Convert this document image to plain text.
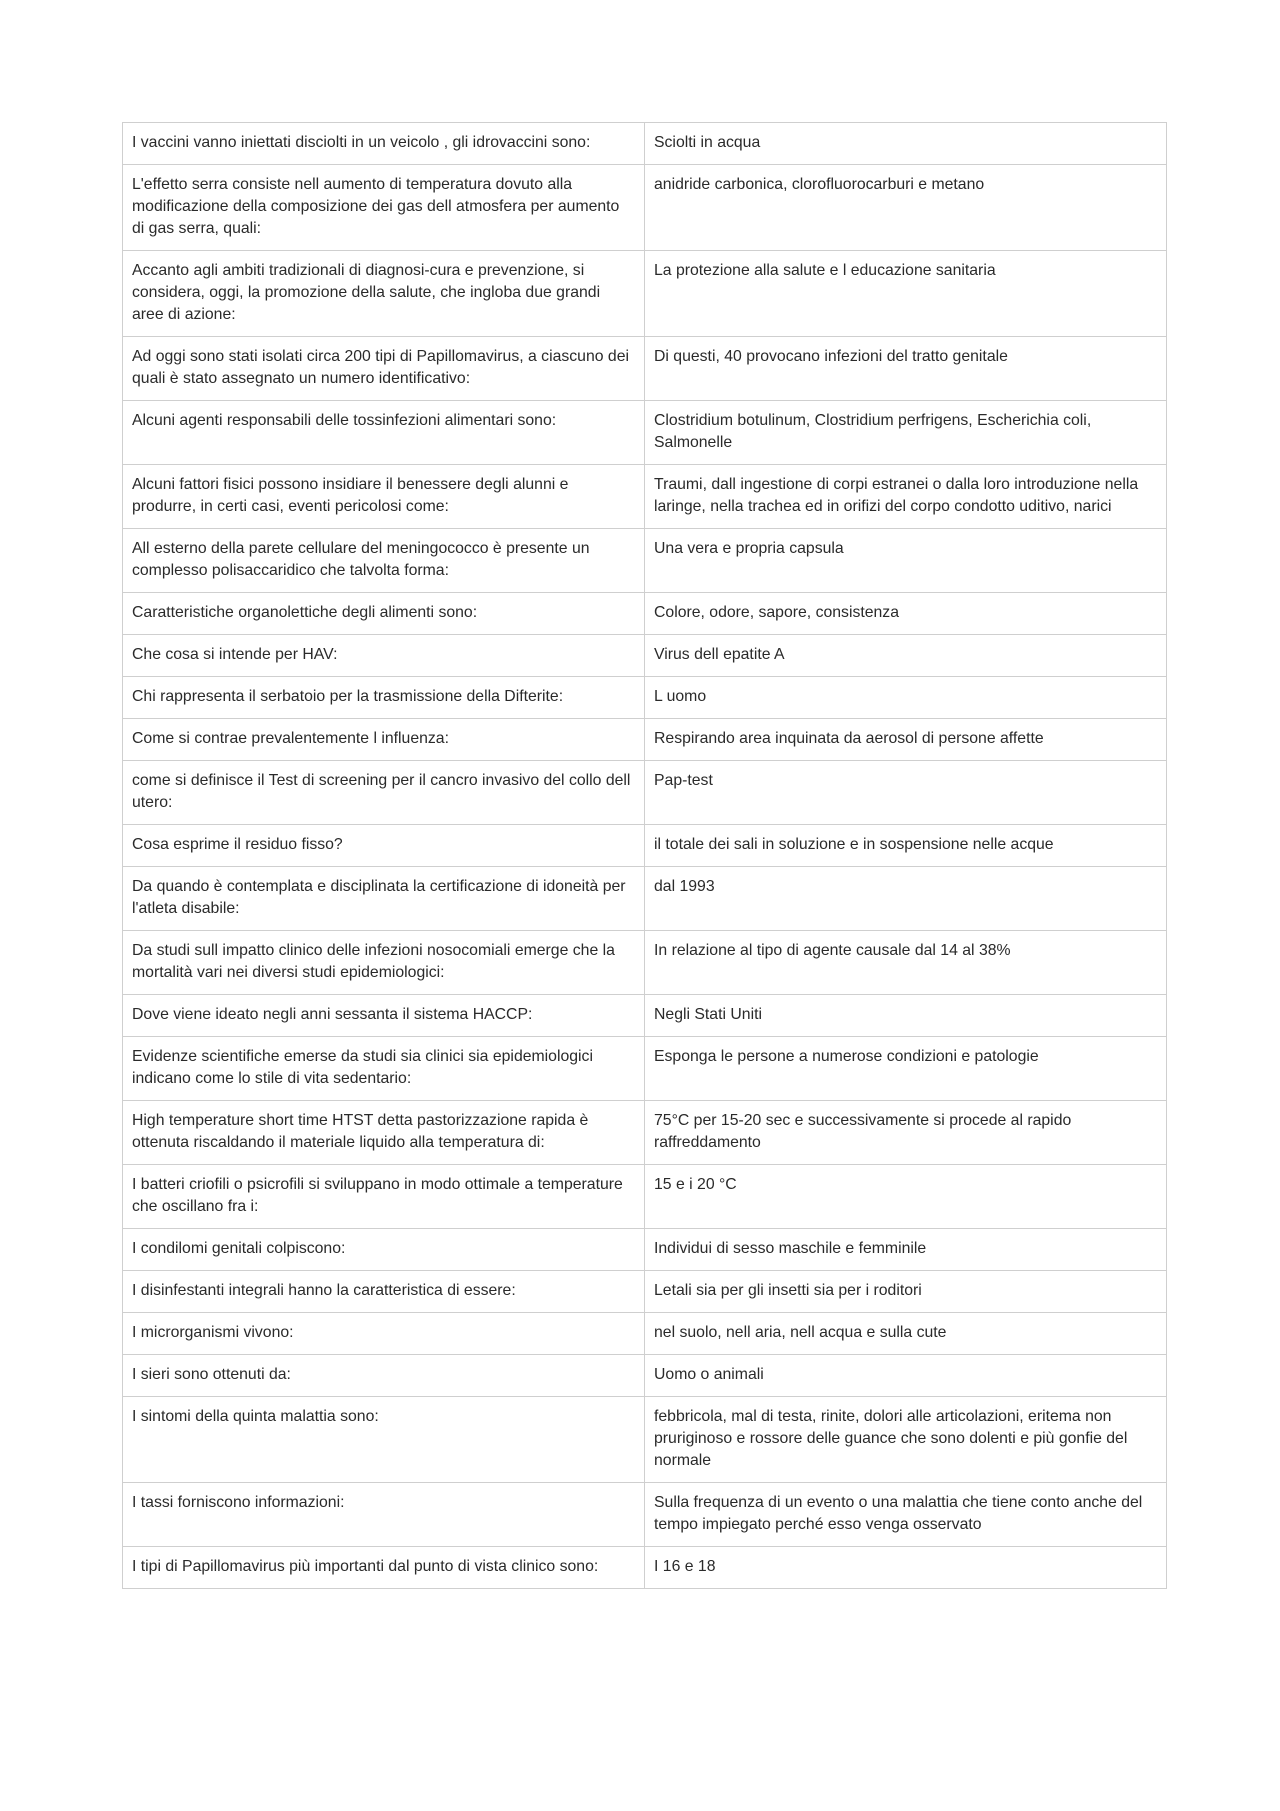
I vaccini vanno iniettati disciolti in un veicolo , gli idrovaccini sono:	Sciolti in acqua
L'effetto serra consiste nell aumento di temperatura dovuto alla modificazione della composizione dei gas dell atmosfera per aumento di gas serra, quali:	anidride carbonica, clorofluorocarburi e metano
Accanto agli ambiti tradizionali di diagnosi-cura e prevenzione, si considera, oggi, la promozione della salute, che ingloba due grandi aree di azione:	La protezione alla salute e l educazione sanitaria
Ad oggi sono stati isolati circa 200 tipi di Papillomavirus, a ciascuno dei quali è stato assegnato un numero identificativo:	Di questi, 40 provocano infezioni del tratto genitale
Alcuni agenti responsabili delle tossinfezioni alimentari sono:	Clostridium botulinum, Clostridium perfrigens, Escherichia coli, Salmonelle
Alcuni fattori fisici possono insidiare il benessere degli alunni e produrre, in certi casi, eventi pericolosi come:	Traumi, dall ingestione di corpi estranei o dalla loro introduzione nella laringe, nella trachea ed in orifizi del corpo condotto uditivo, narici
All esterno della parete cellulare del meningococco è presente un complesso polisaccaridico che talvolta forma:	Una vera e propria capsula
Caratteristiche organolettiche degli alimenti sono:	Colore, odore, sapore, consistenza
Che cosa si intende per HAV:	Virus dell epatite A
Chi rappresenta il serbatoio per la trasmissione della Difterite:	L uomo
Come si contrae prevalentemente l influenza:	Respirando area inquinata da aerosol di persone affette
come si definisce il Test di screening per il cancro invasivo del collo dell utero:	Pap-test
Cosa esprime il residuo fisso?	il totale dei sali in soluzione e in sospensione nelle acque
Da quando è contemplata e disciplinata la certificazione di idoneità per l'atleta disabile:	dal 1993
Da studi sull impatto clinico delle infezioni nosocomiali emerge che la mortalità vari nei diversi studi epidemiologici:	In relazione al tipo di agente causale dal 14 al 38%
Dove viene ideato negli anni sessanta il sistema HACCP:	Negli Stati Uniti
Evidenze scientifiche emerse da studi sia clinici sia epidemiologici indicano come lo stile di vita sedentario:	Esponga le persone a numerose condizioni e patologie
High temperature short time HTST detta pastorizzazione rapida è ottenuta riscaldando il materiale liquido alla temperatura di:	75°C per 15-20 sec e successivamente si procede al rapido raffreddamento
I batteri criofili o psicrofili si sviluppano in modo ottimale a temperature che oscillano fra i:	15 e i 20 °C
I condilomi genitali colpiscono:	Individui di sesso maschile e femminile
I disinfestanti integrali hanno la caratteristica di essere:	Letali sia per gli insetti sia per i roditori
I microrganismi vivono:	nel suolo, nell aria, nell acqua e sulla cute
I sieri sono ottenuti da:	Uomo o animali
I sintomi della quinta malattia sono:	febbricola, mal di testa, rinite, dolori alle articolazioni, eritema non pruriginoso e rossore delle guance che sono dolenti e più gonfie del normale
I tassi forniscono informazioni:	Sulla frequenza di un evento o una malattia che tiene conto anche del tempo impiegato perché esso venga osservato
I tipi di Papillomavirus più importanti dal punto di vista clinico sono:	I 16 e 18
